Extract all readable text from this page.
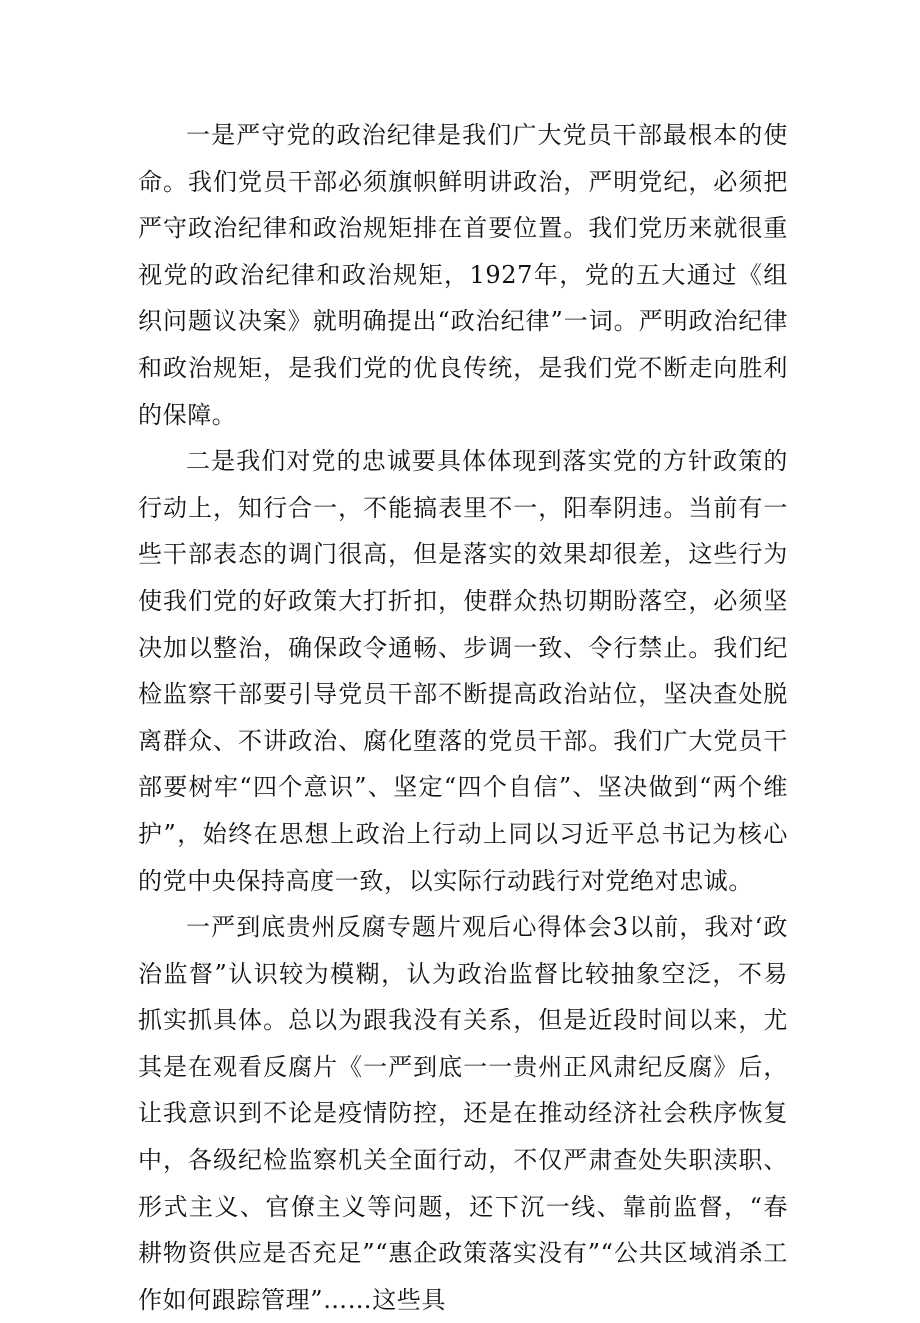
一是严守党的政治纪律是我们广大党员干部最根本的使命。我们党员干部必须旗帜鲜明讲政治，严明党纪，必须把严守政治纪律和政治规矩排在首要位置。我们党历来就很重视党的政治纪律和政治规矩，1927年，党的五大通过《组织问题议决案》就明确提出“政治纪律”一词。严明政治纪律和政治规矩，是我们党的优良传统，是我们党不断走向胜利的保障。

二是我们对党的忠诚要具体体现到落实党的方针政策的行动上，知行合一，不能搞表里不一，阳奉阴违。当前有一些干部表态的调门很高，但是落实的效果却很差，这些行为使我们党的好政策大打折扣，使群众热切期盼落空，必须坚决加以整治，确保政令通畅、步调一致、令行禁止。我们纪检监察干部要引导党员干部不断提高政治站位，坚决查处脱离群众、不讲政治、腐化堕落的党员干部。我们广大党员干部要树牢“四个意识”、坚定“四个自信”、坚决做到“两个维护”，始终在思想上政治上行动上同以习近平总书记为核心的党中央保持高度一致，以实际行动践行对党绝对忠诚。

一严到底贵州反腐专题片观后心得体会3以前，我对‘政治监督”认识较为模糊，认为政治监督比较抽象空泛，不易抓实抓具体。总以为跟我没有关系，但是近段时间以来，尤其是在观看反腐片《一严到底一一贵州正风肃纪反腐》后，让我意识到不论是疫情防控，还是在推动经济社会秩序恢复中，各级纪检监察机关全面行动，不仅严肃查处失职渎职、形式主义、官僚主义等问题，还下沉一线、靠前监督，“春耕物资供应是否充足”“惠企政策落实没有”“公共区域消杀工作如何跟踪管理”……这些具
